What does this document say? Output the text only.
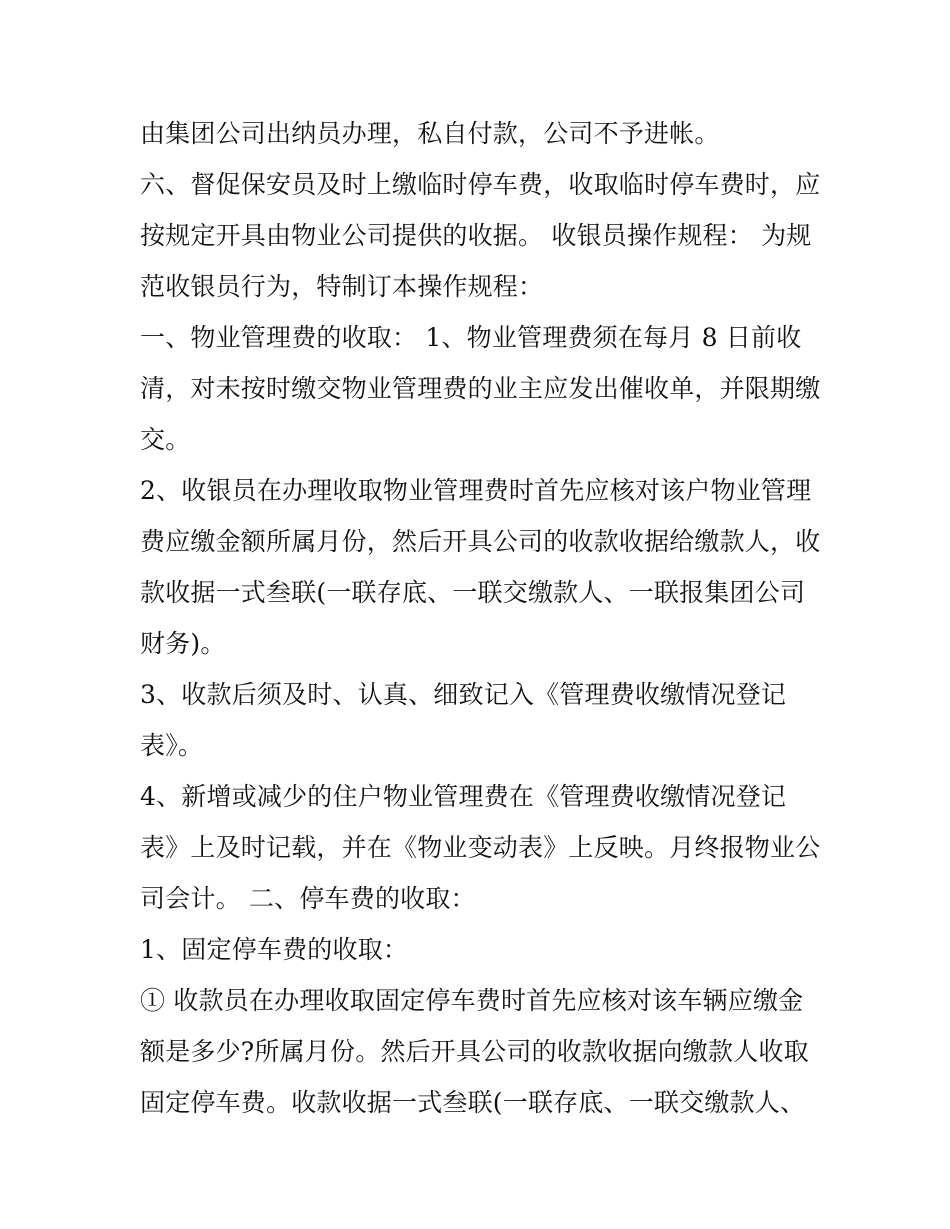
由集团公司出纳员办理，私自付款，公司不予进帐。
六、督促保安员及时上缴临时停车费，收取临时停车费时，应
按规定开具由物业公司提供的收据。 收银员操作规程： 为规
范收银员行为，特制订本操作规程：
一、物业管理费的收取： 1、物业管理费须在每月 8 日前收
清，对未按时缴交物业管理费的业主应发出催收单，并限期缴
交。
2、收银员在办理收取物业管理费时首先应核对该户物业管理
费应缴金额所属月份，然后开具公司的收款收据给缴款人，收
款收据一式叁联(一联存底、一联交缴款人、一联报集团公司
财务)。
3、收款后须及时、认真、细致记入《管理费收缴情况登记
表》。
4、新增或减少的住户物业管理费在《管理费收缴情况登记
表》上及时记载，并在《物业变动表》上反映。月终报物业公
司会计。 二、停车费的收取：
1、固定停车费的收取：
① 收款员在办理收取固定停车费时首先应核对该车辆应缴金
额是多少?所属月份。然后开具公司的收款收据向缴款人收取
固定停车费。收款收据一式叁联(一联存底、一联交缴款人、
